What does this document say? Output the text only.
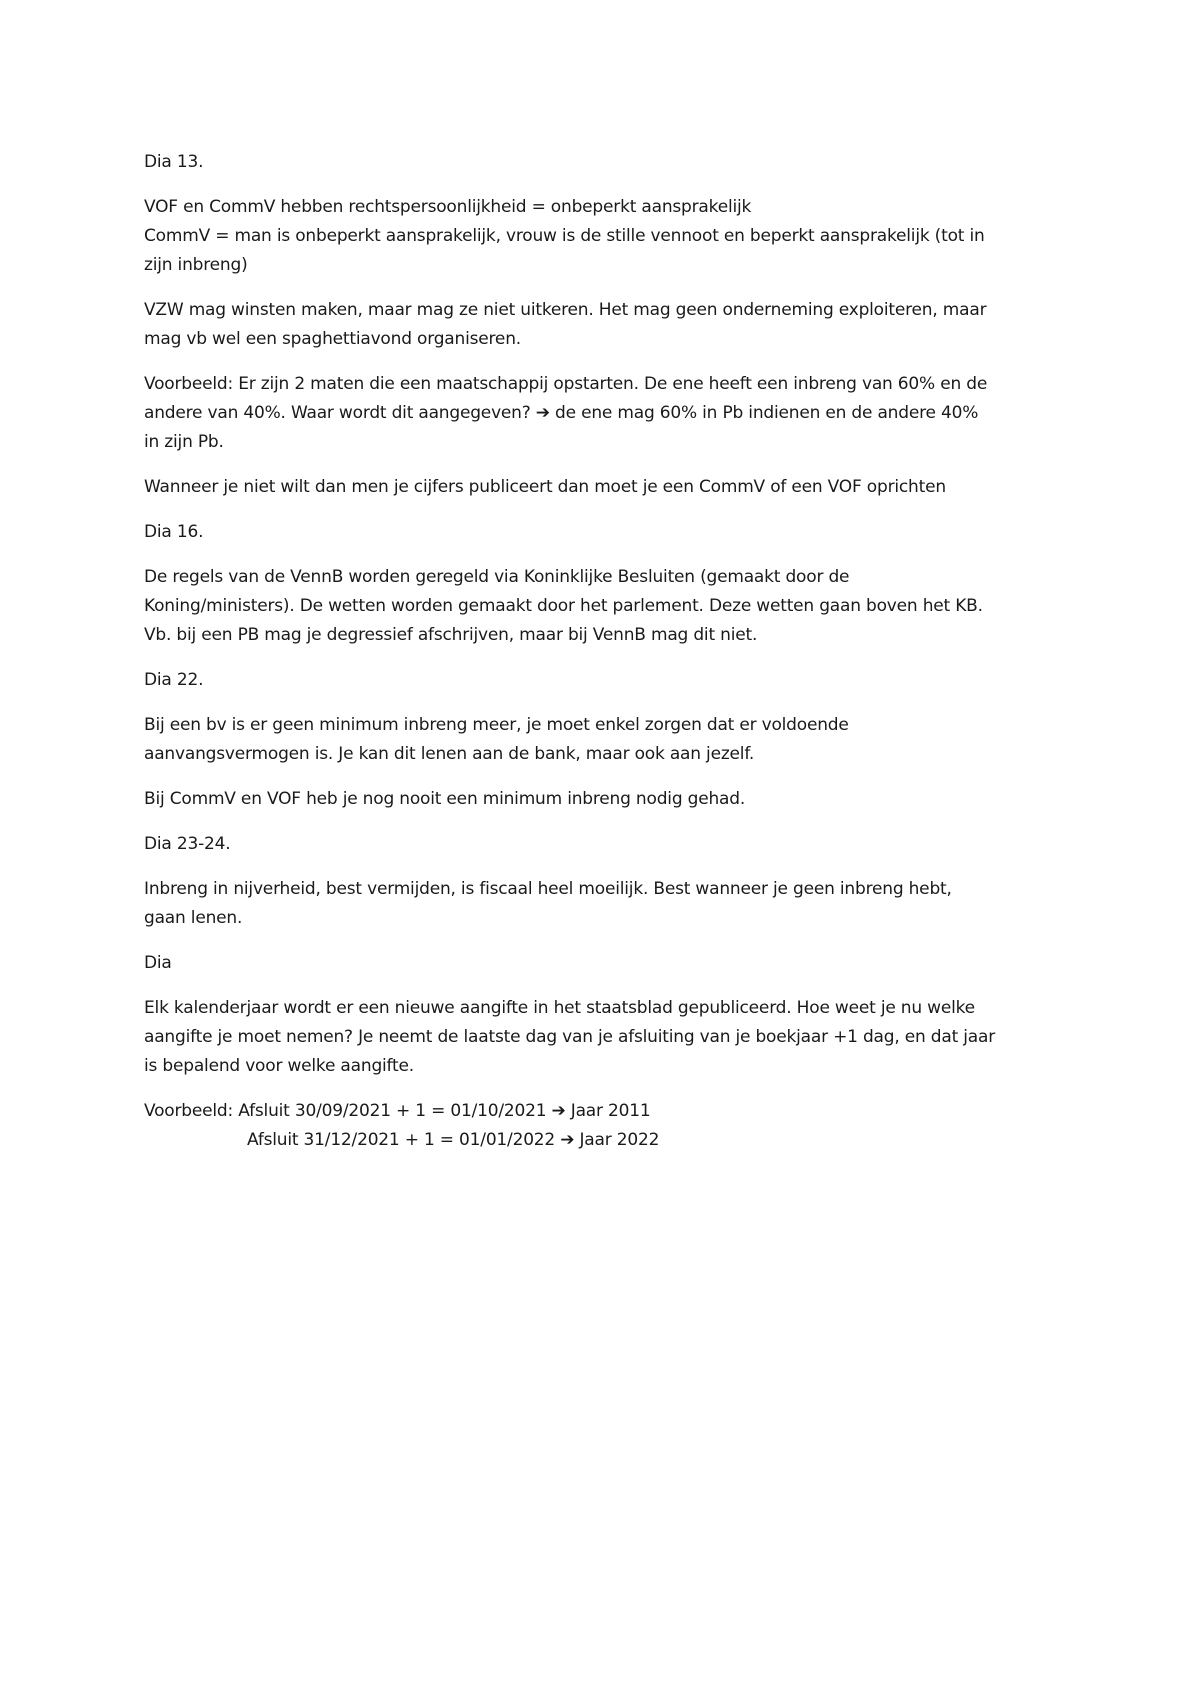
Dia 13.
VOF en CommV hebben rechtspersoonlijkheid = onbeperkt aansprakelijk
CommV = man is onbeperkt aansprakelijk, vrouw is de stille vennoot en beperkt aansprakelijk (tot in
zijn inbreng)
VZW mag winsten maken, maar mag ze niet uitkeren. Het mag geen onderneming exploiteren, maar
mag vb wel een spaghettiavond organiseren.
Voorbeeld: Er zijn 2 maten die een maatschappij opstarten. De ene heeft een inbreng van 60% en de
andere van 40%. Waar wordt dit aangegeven? ➔ de ene mag 60% in Pb indienen en de andere 40%
in zijn Pb.
Wanneer je niet wilt dan men je cijfers publiceert dan moet je een CommV of een VOF oprichten
Dia 16.
De regels van de VennB worden geregeld via Koninklijke Besluiten (gemaakt door de
Koning/ministers). De wetten worden gemaakt door het parlement. Deze wetten gaan boven het KB.
Vb. bij een PB mag je degressief afschrijven, maar bij VennB mag dit niet.
Dia 22.
Bij een bv is er geen minimum inbreng meer, je moet enkel zorgen dat er voldoende
aanvangsvermogen is. Je kan dit lenen aan de bank, maar ook aan jezelf.
Bij CommV en VOF heb je nog nooit een minimum inbreng nodig gehad.
Dia 23-24.
Inbreng in nijverheid, best vermijden, is fiscaal heel moeilijk. Best wanneer je geen inbreng hebt,
gaan lenen.
Dia
Elk kalenderjaar wordt er een nieuwe aangifte in het staatsblad gepubliceerd. Hoe weet je nu welke
aangifte je moet nemen? Je neemt de laatste dag van je afsluiting van je boekjaar +1 dag, en dat jaar
is bepalend voor welke aangifte.
Voorbeeld: Afsluit 30/09/2021 + 1 = 01/10/2021 ➔ Jaar 2011
Afsluit 31/12/2021 + 1 = 01/01/2022 ➔ Jaar 2022
